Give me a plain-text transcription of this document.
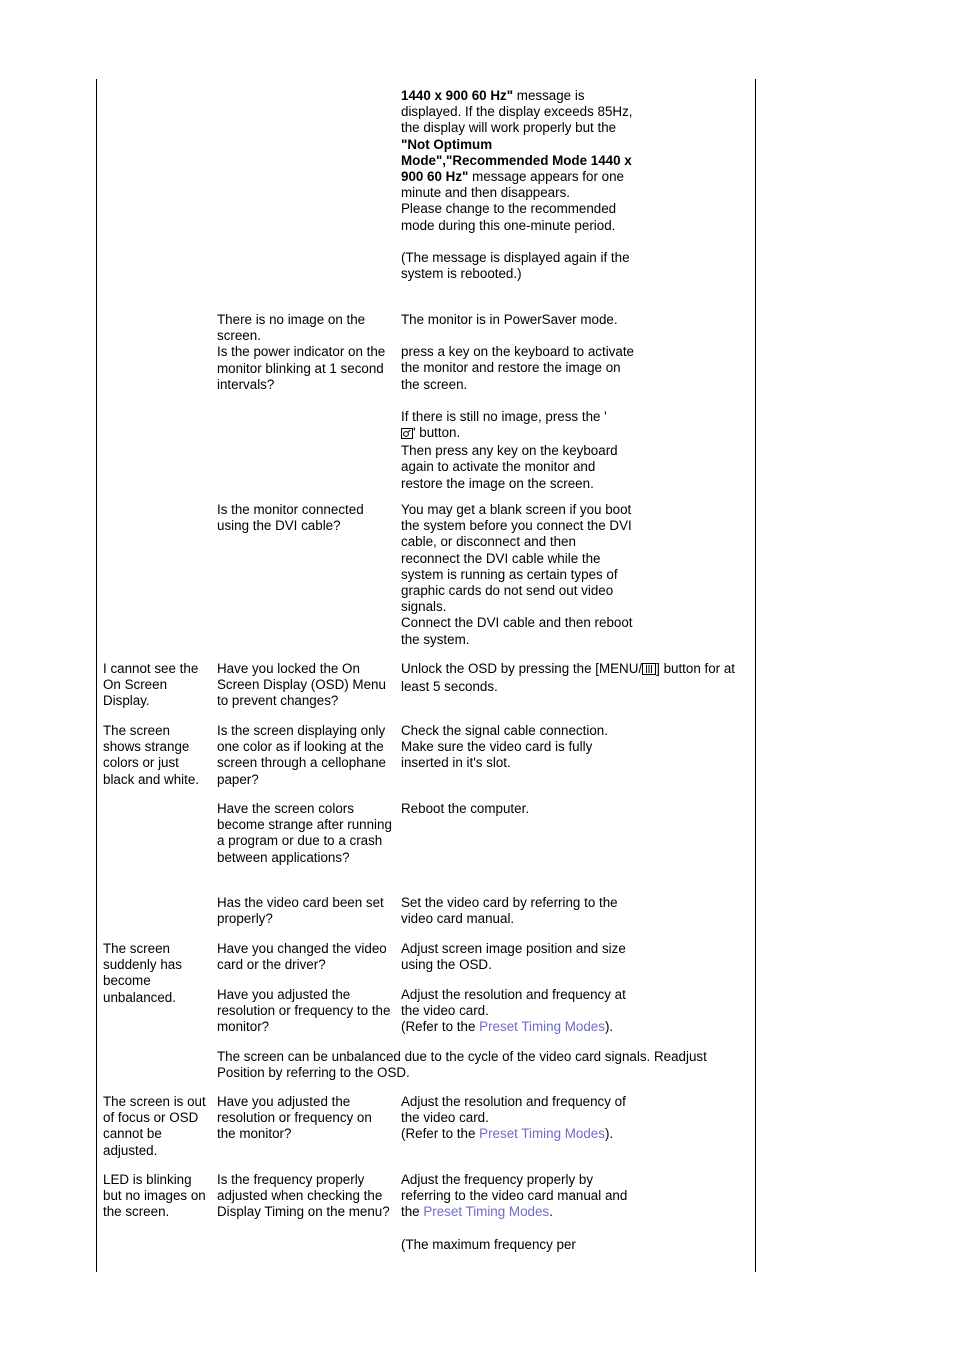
1440 x 900 60 Hz" message is displayed. If the display exceeds 85Hz, the display will work properly but the "Not Optimum Mode","Recommended Mode 1440 x 900 60 Hz" message appears for one minute and then disappears.
Please change to the recommended mode during this one-minute period.
(The message is displayed again if the system is rebooted.)
There is no image on the screen.
Is the power indicator on the monitor blinking at 1 second intervals?
The monitor is in PowerSaver mode.
press a key on the keyboard to activate the monitor and restore the image on the screen.
If there is still no image, press the '
' button.
Then press any key on the keyboard again to activate the monitor and restore the image on the screen.
Is the monitor connected using the DVI cable?
You may get a blank screen if you boot the system before you connect the DVI cable, or disconnect and then reconnect the DVI cable while the system is running as certain types of graphic cards do not send out video signals.
Connect the DVI cable and then reboot the system.
I cannot see the On Screen Display.
Have you locked the On Screen Display (OSD) Menu to prevent changes?
Unlock the OSD by pressing the [MENU/ ] button for at least 5 seconds.
The screen shows strange colors or just black and white.
Is the screen displaying only one color as if looking at the screen through a cellophane paper?
Check the signal cable connection.
Make sure the video card is fully inserted in it's slot.
Have the screen colors become strange after running a program or due to a crash between applications?
Reboot the computer.
Has the video card been set properly?
Set the video card by referring to the video card manual.
The screen suddenly has become unbalanced.
Have you changed the video card or the driver?
Adjust screen image position and size using the OSD.
Have you adjusted the resolution or frequency to the monitor?
Adjust the resolution and frequency at the video card.
(Refer to the Preset Timing Modes).
The screen can be unbalanced due to the cycle of the video card signals. Readjust Position by referring to the OSD.
The screen is out of focus or OSD cannot be adjusted.
Have you adjusted the resolution or frequency on the monitor?
Adjust the resolution and frequency of the video card.
(Refer to the Preset Timing Modes).
LED is blinking but no images on the screen.
Is the frequency properly adjusted when checking the Display Timing on the menu?
Adjust the frequency properly by referring to the video card manual and the Preset Timing Modes.
(The maximum frequency per
